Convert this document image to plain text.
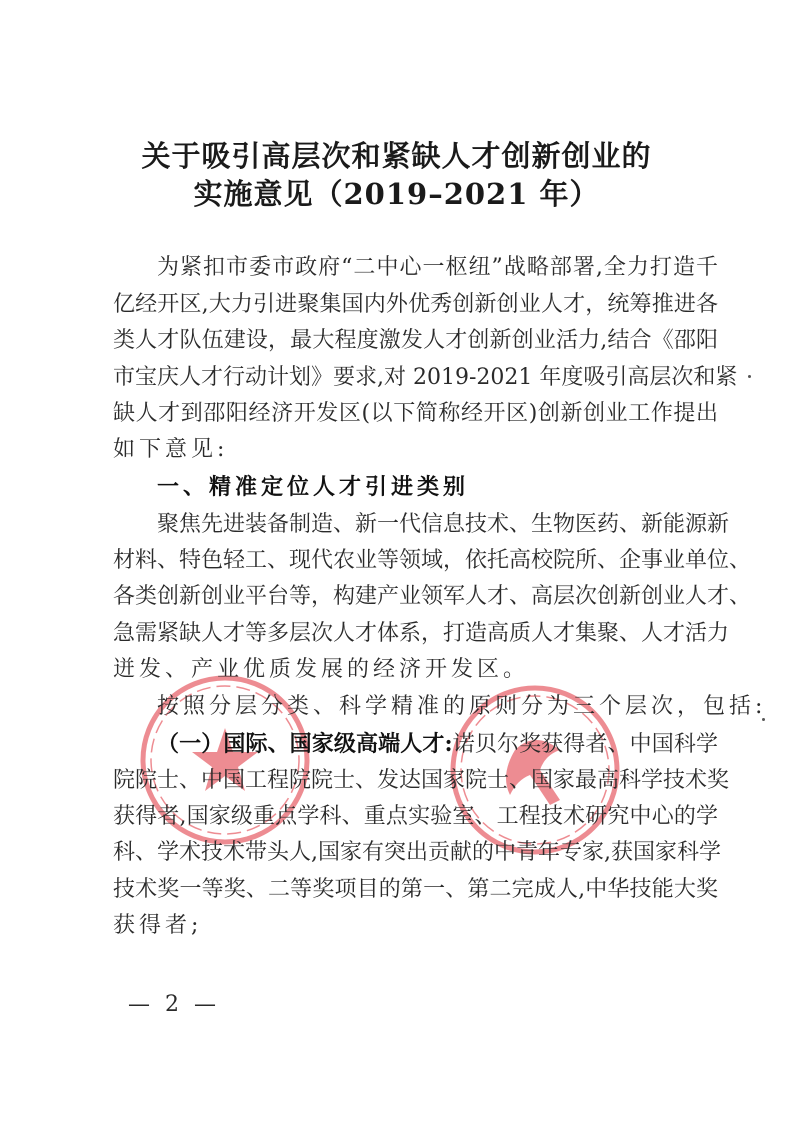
关于吸引高层次和紧缺人才创新创业的
实施意见（2019–2021 年）
为紧扣市委市政府“二中心一枢纽”战略部署,全力打造千
亿经开区,大力引进聚集国内外优秀创新创业人才，统筹推进各
类人才队伍建设，最大程度激发人才创新创业活力,结合《邵阳
市宝庆人才行动计划》要求,对 2019-2021 年度吸引高层次和紧
缺人才到邵阳经济开发区(以下简称经开区)创新创业工作提出
如下意见:
一、精准定位人才引进类别
聚焦先进装备制造、新一代信息技术、生物医药、新能源新
材料、特色轻工、现代农业等领域，依托高校院所、企事业单位、
各类创新创业平台等，构建产业领军人才、高层次创新创业人才、
急需紧缺人才等多层次人才体系，打造高质人才集聚、人才活力
迸发、产业优质发展的经济开发区。
按照分层分类、科学精准的原则分为三个层次，包括:
（一）国际、国家级高端人才:诺贝尔奖获得者、中国科学
院院士、中国工程院院士、发达国家院士、国家最高科学技术奖
获得者,国家级重点学科、重点实验室、工程技术研究中心的学
科、学术技术带头人,国家有突出贡献的中青年专家,获国家科学
技术奖一等奖、二等奖项目的第一、第二完成人,中华技能大奖
获得者;
— 2 —
